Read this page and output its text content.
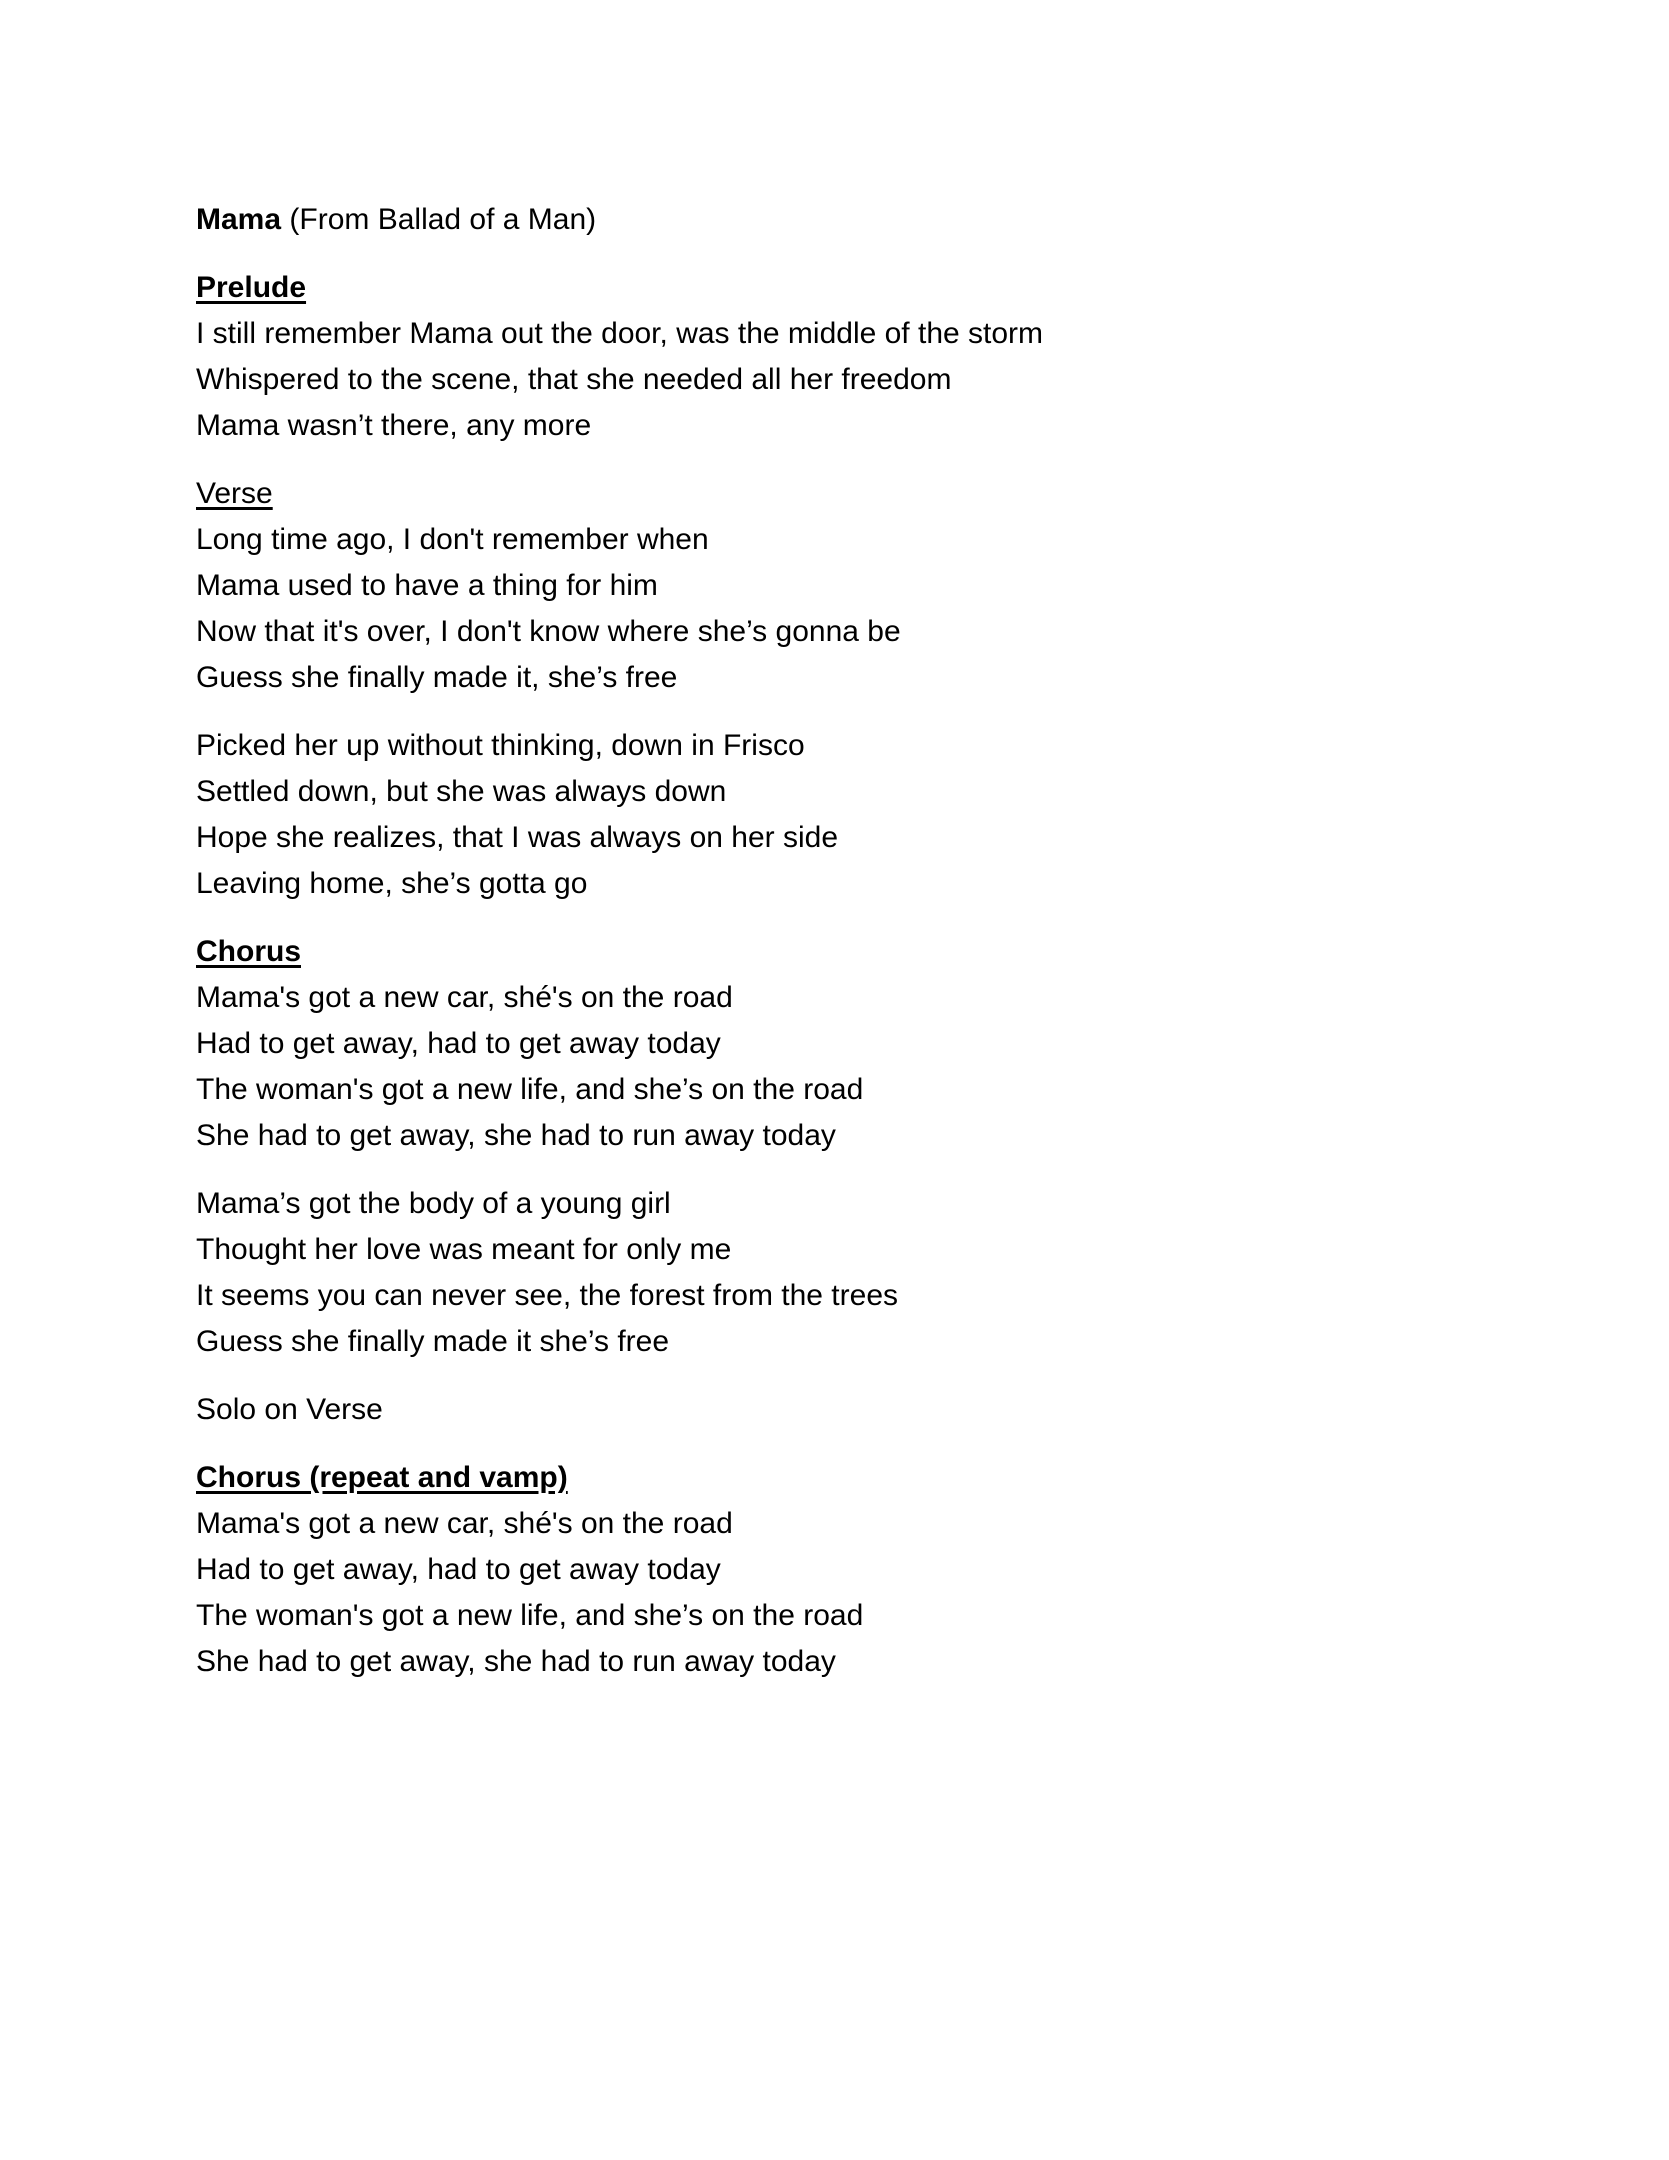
Mama (From Ballad of a Man)
Prelude
I still remember Mama out the door, was the middle of the storm
Whispered to the scene, that she needed all her freedom
Mama wasn’t there, any more
Verse
Long time ago, I don't remember when
Mama used to have a thing for him
Now that it's over, I don't know where she’s gonna be
Guess she finally made it, she’s free
Picked her up without thinking, down in Frisco
Settled down, but she was always down
Hope she realizes, that I was always on her side
Leaving home, she’s gotta go
Chorus
Mama's got a new car, shé's on the road
Had to get away, had to get away today
The woman's got a new life, and she’s on the road
She had to get away, she had to run away today
Mama’s got the body of a young girl
Thought her love was meant for only me
It seems you can never see, the forest from the trees
Guess she finally made it she’s free
Solo on Verse
Chorus (repeat and vamp)
Mama's got a new car, shé's on the road
Had to get away, had to get away today
The woman's got a new life, and she’s on the road
She had to get away, she had to run away today
